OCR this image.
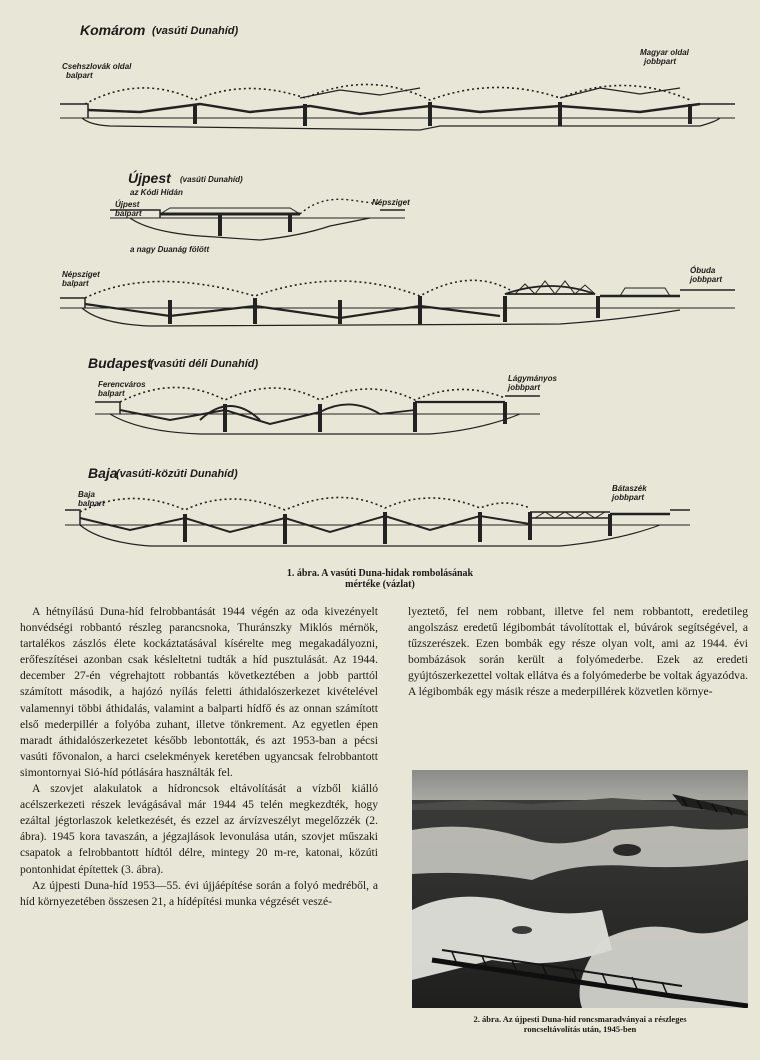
Komárom (vasúti Dunahíd)
Csehszlovák oldal
balpart
Magyar oldal
jobbpart
Újpest (vasúti Dunahíd)
az Kódi Hídán
Újpest
balpart
Népsziget
a nagy Duanág fölött
Népsziget
balpart
Óbuda
jobbpart
Budapest
(vasúti déli Dunahíd)
Ferencváros
balpart
Lágymányos
jobbpart
Baja
(vasúti-közúti Dunahíd)
Baja
balpart
Bátaszék
jobbpart
1. ábra. A vasúti Duna-hidak rombolásának
mértéke (vázlat)

A hétnyílású Duna-híd felrobbantását 1944 végén az oda kivezényelt honvédségi robbantó részleg parancsnoka, Thuránszky Miklós mérnök, tartalékos zászlós élete kockáztatásával kísérelte meg megakadályozni, erőfeszítései azonban csak késleltetni tudták a híd pusztulását. Az 1944. december 27-én végrehajtott robbantás következtében a jobb parttól számított második, a hajózó nyílás feletti áthidalószerkezet kivételével valamennyi többi áthidalás, valamint a balparti hídfő és az onnan számított első mederpillér a folyóba zuhant, illetve tönkrement. Az egyetlen épen maradt áthidalószerkezetet később lebontották, és azt 1953-ban a pécsi vasúti fővonalon, a harci cselekmények keretében ugyancsak felrobbantott simontornyai Sió-híd pótlására használták fel.

A szovjet alakulatok a hídroncsok eltávolítását a vízből kiálló acélszerkezeti részek levágásával már 1944 45 telén megkezdték, hogy ezáltal jégtorlaszok keletkezését, és ezzel az árvízveszélyt megelőzzék (2. ábra). 1945 kora tavaszán, a jégzajlások levonulása után, szovjet műszaki csapatok a felrobbantott hídtól délre, mintegy 20 m-re, katonai, közúti pontonhidat építettek (3. ábra).

Az újpesti Duna-híd 1953—55. évi újjáépítése során a folyó medréből, a híd környezetében összesen 21, a hídépítési munka végzését veszé-

lyeztető, fel nem robbant, illetve fel nem robbantott, eredetileg angolszász eredetű légibombát távolítottak el, búvárok segítségével, a tűzszerészek. Ezen bombák egy része olyan volt, ami az 1944. évi bombázások során került a folyómederbe. Ezek az eredeti gyújtószerkezettel voltak ellátva és a folyómederbe be voltak ágyazódva. A légibombák egy másik része a mederpillérek közvetlen környe-

2. ábra. Az újpesti Duna-híd roncsmaradványai a részleges
roncseltávolítás után, 1945-ben
